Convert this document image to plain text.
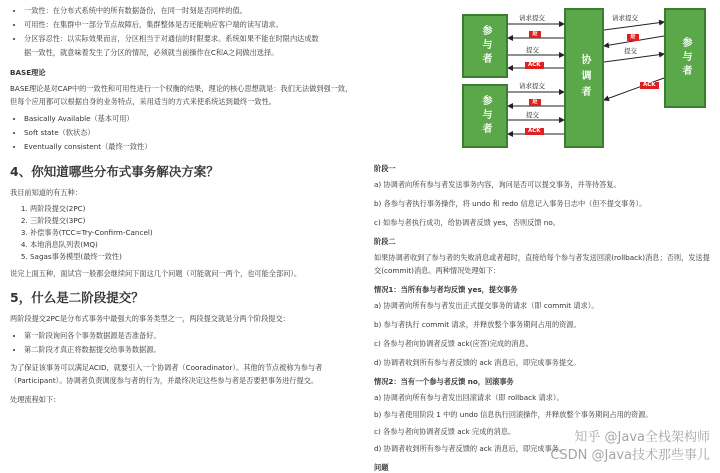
• 一致性：在分布式系统中的所有数据备份，在同一时刻是否同样的值。
• 可用性：在集群中一部分节点故障后，集群整体是否还能响应客户端的读写请求。
• 分区容忍性：以实际效果而言，分区相当于对通信的时限要求。系统如果不能在时限内达成数
据一致性，就意味着发生了分区的情况，必须就当前操作在C和A之间做出选择。
BASE理论

BASE理论是对CAP中的一致性和可用性进行一个权衡的结果，理论的核心思想就是：我们无法做到强一致，但每个应用都可以根据自身的业务特点，采用适当的方式来使系统达到最终一致性。

• Basically Available（基本可用）
• Soft state（软状态）
• Eventually consistent（最终一致性）
4、你知道哪些分布式事务解决方案？

我目前知道的有五种：

1. 两阶段提交(2PC)
2. 三阶段提交(3PC)
3. 补偿事务(TCC=Try-Confirm-Cancel)
4. 本地消息队列表(MQ)
5. Sagas事务模型(最终一致性)

说完上面五种，面试官一般都会继续问下面这几个问题（可能就问一两个，也可能全部问）。

5，什么是二阶段提交？

两阶段提交2PC是分布式事务中最强大的事务类型之一，两段提交就是分两个阶段提交：

• 第一阶段询问各个事务数据源是否准备好。
• 第二阶段才真正将数据提交给事务数据源。

为了保证该事务可以满足ACID，就要引入一个协调者（Cooradinator）。其他的节点被称为参与者（Participant）。协调者负责调度参与者的行为，并最终决定这些参与者是否要把事务进行提交。

处理流程如下：

参与者
参与者
协调者	参与者
请求提交
是
提交
ACK
请求提交
是
提交
ACK
请求提交
是
提交
ACK
阶段一

a) 协调者向所有参与者发送事务内容，询问是否可以提交事务，并等待答复。

b) 各参与者执行事务操作，将 undo 和 redo 信息记入事务日志中（但不提交事务）。

c) 如参与者执行成功，给协调者反馈 yes，否则反馈 no。

阶段二

如果协调者收到了参与者的失败消息或者超时，直接给每个参与者发送回滚(rollback)消息；否则，发送提交(commit)消息。两种情况处理如下：

情况1：当所有参与者均反馈 yes，提交事务

a) 协调者向所有参与者发出正式提交事务的请求（即 commit 请求）。

b) 参与者执行 commit 请求，并释放整个事务期间占用的资源。

c) 各参与者向协调者反馈 ack(应答)完成的消息。

d) 协调者收到所有参与者反馈的 ack 消息后，即完成事务提交。

情况2：当有一个参与者反馈 no，回滚事务

a) 协调者向所有参与者发出回滚请求（即 rollback 请求）。

b) 参与者使用阶段 1 中的 undo 信息执行回滚操作，并释放整个事务期间占用的资源。

c) 各参与者向协调者反馈 ack 完成的消息。

d) 协调者收到所有参与者反馈的 ack 消息后，即完成事务。

问题
知乎 @Java全栈架构师
CSDN @Java技术那些事儿
